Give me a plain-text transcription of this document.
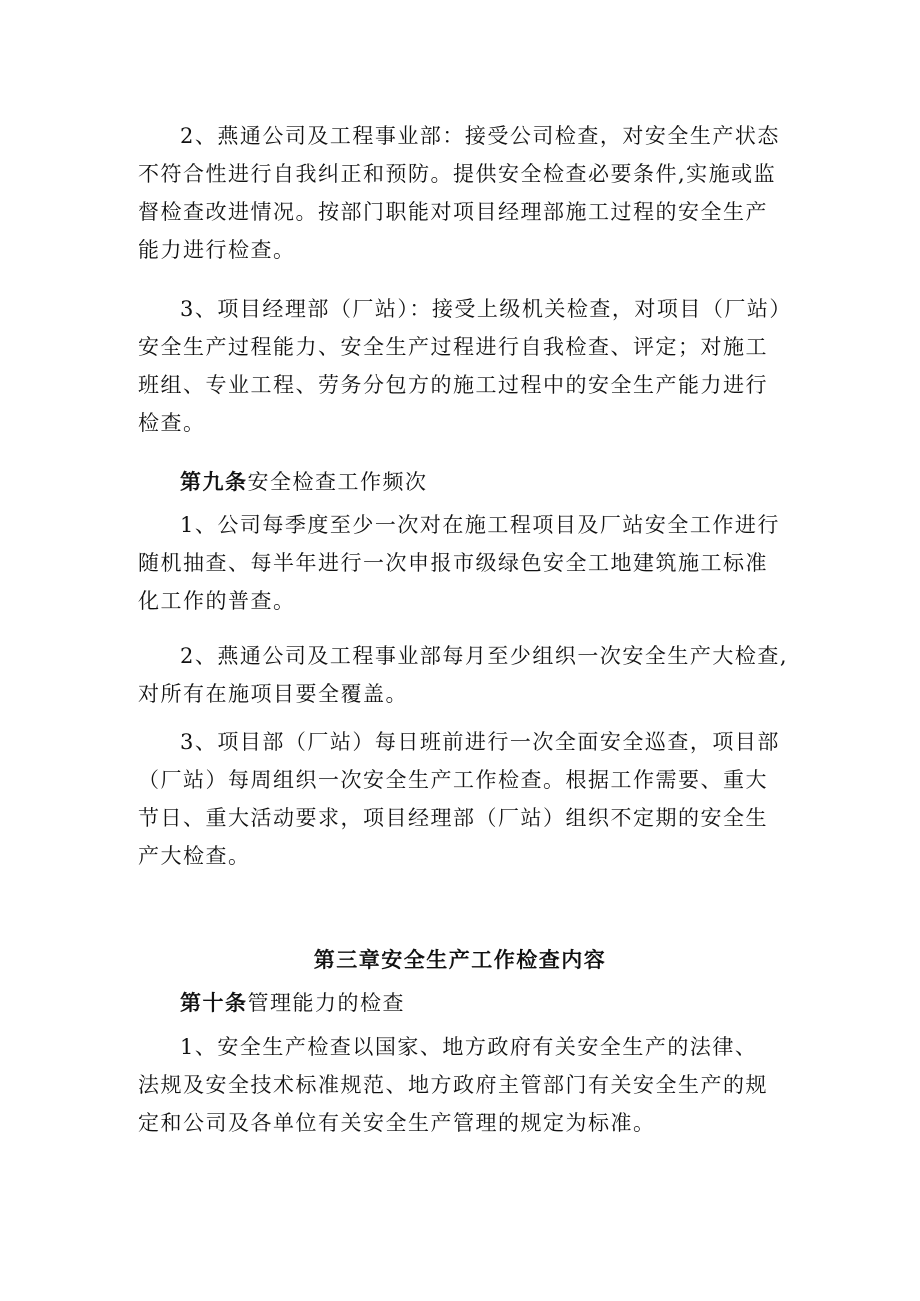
2、燕通公司及工程事业部：接受公司检查，对安全生产状态
不符合性进行自我纠正和预防。提供安全检查必要条件,实施或监
督检查改进情况。按部门职能对项目经理部施工过程的安全生产
能力进行检查。
3、项目经理部（厂站）：接受上级机关检查，对项目（厂站）
安全生产过程能力、安全生产过程进行自我检查、评定；对施工
班组、专业工程、劳务分包方的施工过程中的安全生产能力进行
检查。
第九条安全检查工作频次
1、公司每季度至少一次对在施工程项目及厂站安全工作进行
随机抽查、每半年进行一次申报市级绿色安全工地建筑施工标准
化工作的普查。
2、燕通公司及工程事业部每月至少组织一次安全生产大检查,
对所有在施项目要全覆盖。
3、项目部（厂站）每日班前进行一次全面安全巡查，项目部
（厂站）每周组织一次安全生产工作检查。根据工作需要、重大
节日、重大活动要求，项目经理部（厂站）组织不定期的安全生
产大检查。
第三章安全生产工作检查内容
第十条管理能力的检查
1、安全生产检查以国家、地方政府有关安全生产的法律、
法规及安全技术标准规范、地方政府主管部门有关安全生产的规
定和公司及各单位有关安全生产管理的规定为标准。
